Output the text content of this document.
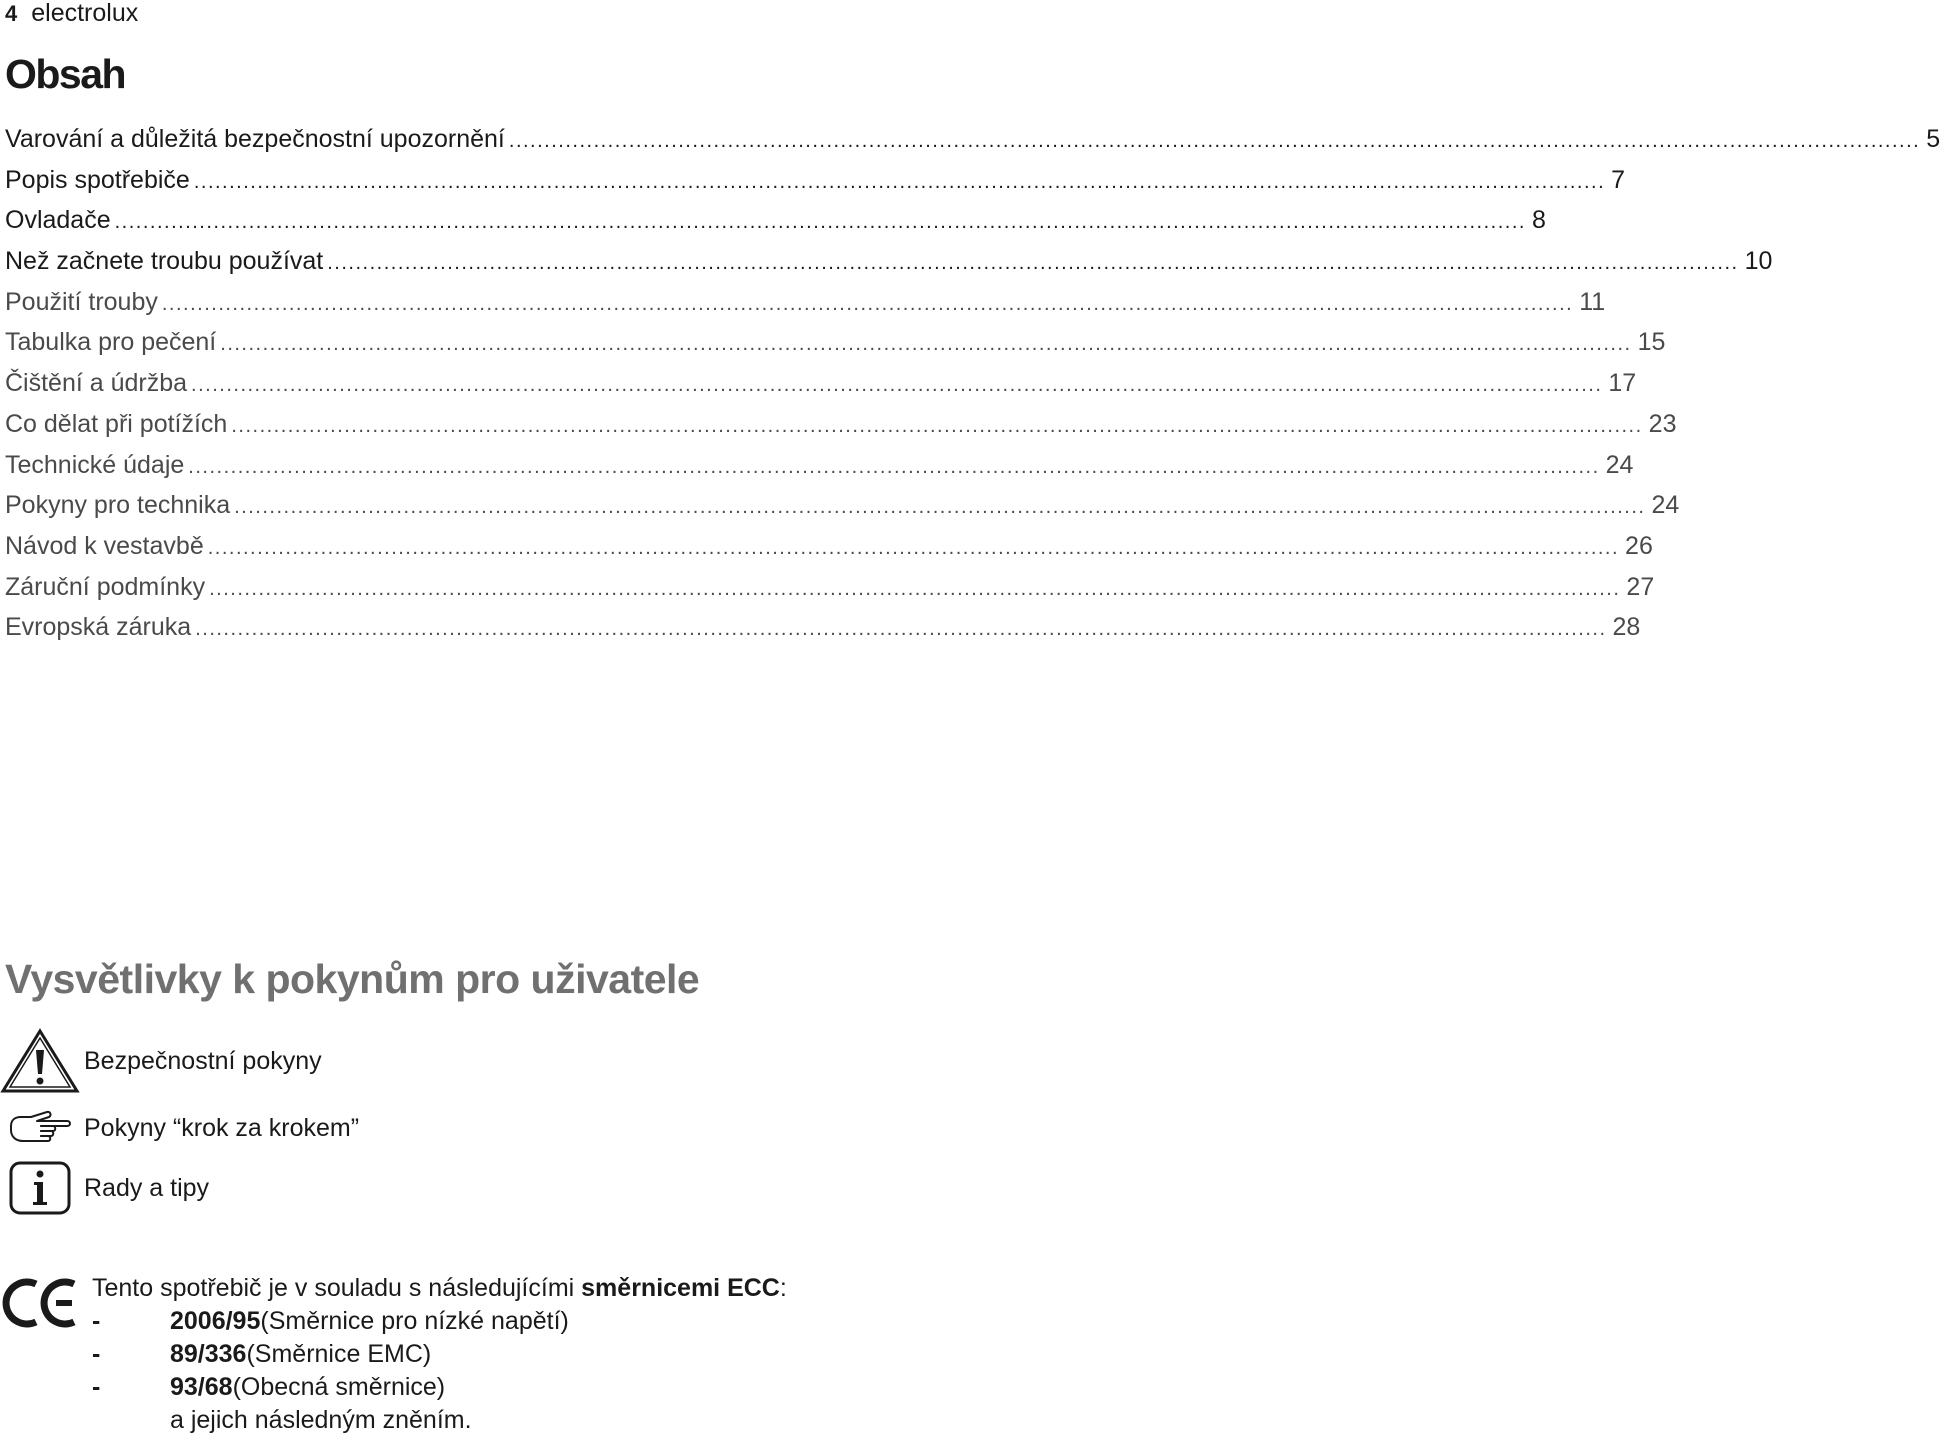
4 electrolux
Obsah
Varování a důležitá bezpečnostní upozornění ........................................................................................................................................................................................................ 5
Popis spotřebiče ........................................................................................................................................................................................................ 7
Ovladače ........................................................................................................................................................................................................ 8
Než začnete troubu používat ........................................................................................................................................................................................................ 10
Použití trouby ........................................................................................................................................................................................................ 11
Tabulka pro pečení ........................................................................................................................................................................................................ 15
Čištění a údržba ........................................................................................................................................................................................................ 17
Co dělat při potížích ........................................................................................................................................................................................................ 23
Technické údaje ........................................................................................................................................................................................................ 24
Pokyny pro technika ........................................................................................................................................................................................................ 24
Návod k vestavbě ........................................................................................................................................................................................................ 26
Záruční podmínky ........................................................................................................................................................................................................ 27
Evropská záruka ........................................................................................................................................................................................................ 28
Vysvětlivky k pokynům pro uživatele
Bezpečnostní pokyny
Pokyny “krok za krokem”
Rady a tipy
Tento spotřebič je v souladu s následujícími směrnicemi ECC:
-	2006/95 (Směrnice pro nízké napětí)
-	89/336 (Směrnice EMC)
-	93/68 (Obecná směrnice)
a jejich následným zněním.
